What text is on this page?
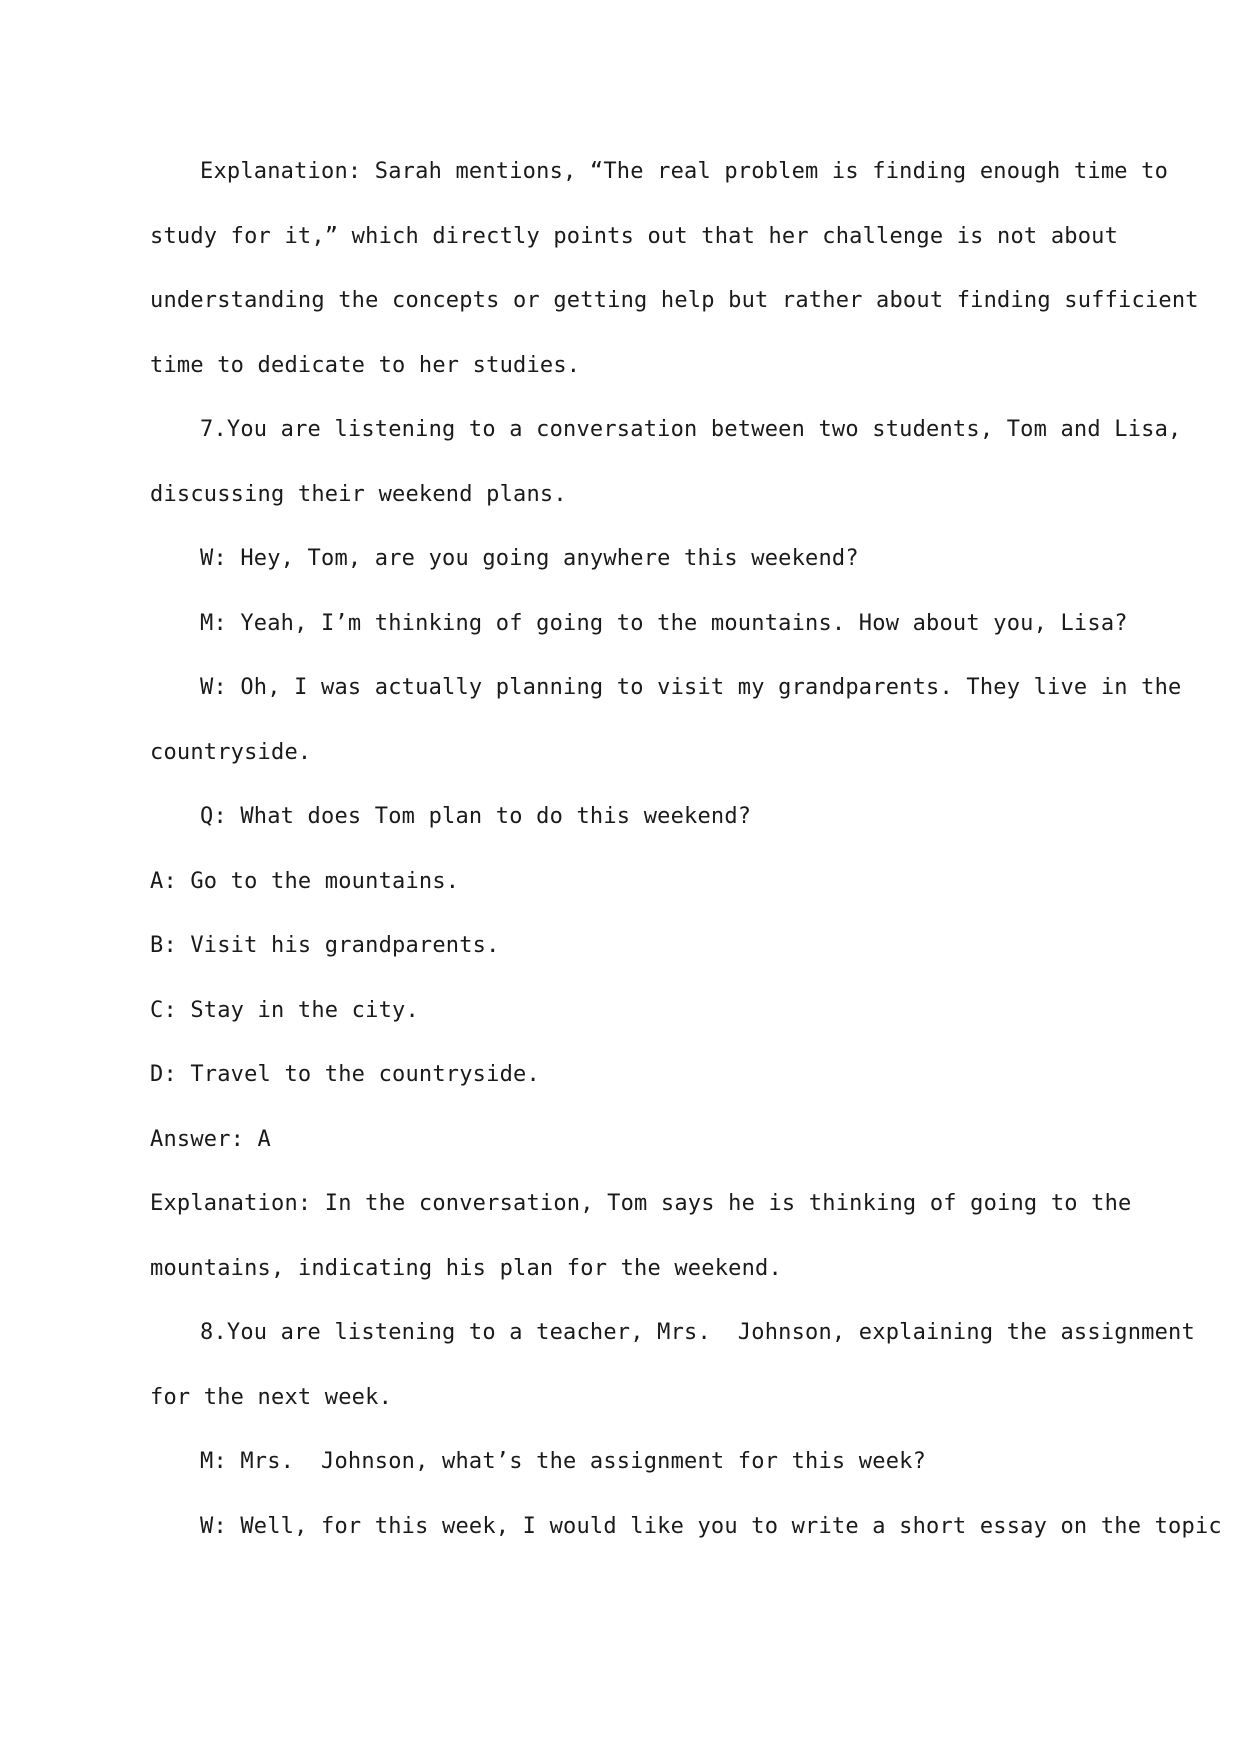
Explanation: Sarah mentions, “The real problem is finding enough time to
study for it,” which directly points out that her challenge is not about
understanding the concepts or getting help but rather about finding sufficient
time to dedicate to her studies.
7.You are listening to a conversation between two students, Tom and Lisa,
discussing their weekend plans.
W: Hey, Tom, are you going anywhere this weekend?
M: Yeah, I’m thinking of going to the mountains. How about you, Lisa?
W: Oh, I was actually planning to visit my grandparents. They live in the
countryside.
Q: What does Tom plan to do this weekend?
A: Go to the mountains.
B: Visit his grandparents.
C: Stay in the city.
D: Travel to the countryside.
Answer: A
Explanation: In the conversation, Tom says he is thinking of going to the
mountains, indicating his plan for the weekend.
8.You are listening to a teacher, Mrs.  Johnson, explaining the assignment
for the next week.
M: Mrs.  Johnson, what’s the assignment for this week?
W: Well, for this week, I would like you to write a short essay on the topic
